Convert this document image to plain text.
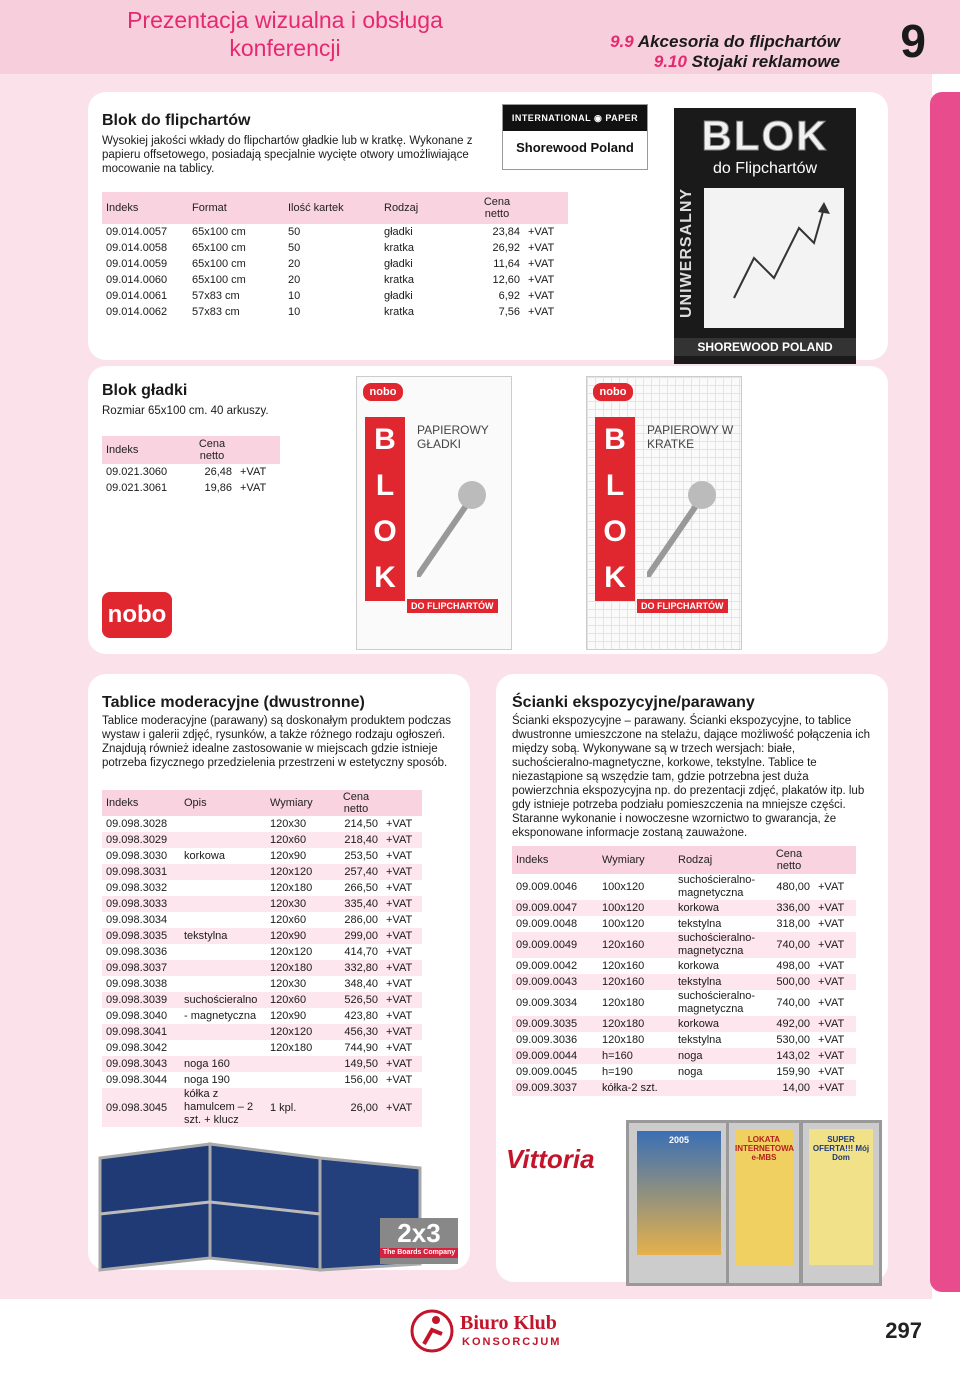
Prezentacja wizualna i obsługa konferencji	9.9 Akcesoria do flipchartów
9.10 Stojaki reklamowe 9
Blok do flipchartów
Wysokiej jakości wkłady do flipchartów gładkie lub w kratkę. Wykonane z papieru offsetowego, posiadają specjalnie wycięte otwory umożliwiające mocowanie na tablicy.
INTERNATIONAL ◉ PAPER
Shorewood Poland
Indeks	Format	Ilość kartek	Rodzaj	Cena netto	
09.014.0057	65x100 cm	50	gładki	23,84	+VAT
09.014.0058	65x100 cm	50	kratka	26,92	+VAT
09.014.0059	65x100 cm	20	gładki	11,64	+VAT
09.014.0060	65x100 cm	20	kratka	12,60	+VAT
09.014.0061	57x83 cm	10	gładki	6,92	+VAT
09.014.0062	57x83 cm	10	kratka	7,56	+VAT
BLOK
do Flipchartów
UNIWERSALNY
SHOREWOOD POLAND
Blok gładki
Rozmiar 65x100 cm. 40 arkuszy.
Indeks	Cena netto	
09.021.3060	26,48	+VAT
09.021.3061	19,86	+VAT
nobo
nobo
PAPIEROWY GŁADKI
B
L
O
K
DO FLIPCHARTÓW
nobo
PAPIEROWY W KRATKE
B
L
O
K
DO FLIPCHARTÓW
Tablice moderacyjne (dwustronne)
Tablice moderacyjne (parawany) są doskonałym produktem podczas wystaw i galerii zdjęć, rysunków, a także różnego rodzaju ogłoszeń. Znajdują również idealne zastosowanie w miejscach gdzie istnieje potrzeba fizycznego przedzielenia przestrzeni w estetyczny sposób.
Indeks	Opis	Wymiary	Cena netto	
09.098.3028		120x30	214,50	+VAT
09.098.3029		120x60	218,40	+VAT
09.098.3030	korkowa	120x90	253,50	+VAT
09.098.3031		120x120	257,40	+VAT
09.098.3032		120x180	266,50	+VAT
09.098.3033		120x30	335,40	+VAT
09.098.3034		120x60	286,00	+VAT
09.098.3035	tekstylna	120x90	299,00	+VAT
09.098.3036		120x120	414,70	+VAT
09.098.3037		120x180	332,80	+VAT
09.098.3038		120x30	348,40	+VAT
09.098.3039	suchościeralno	120x60	526,50	+VAT
09.098.3040	- magnetyczna	120x90	423,80	+VAT
09.098.3041		120x120	456,30	+VAT
09.098.3042		120x180	744,90	+VAT
09.098.3043	noga 160		149,50	+VAT
09.098.3044	noga 190		156,00	+VAT
09.098.3045	kółka z hamulcem – 2 szt. + klucz	1 kpl.	26,00	+VAT
2x3
The Boards Company
Ścianki ekspozycyjne/parawany
Ścianki ekspozycyjne – parawany. Ścianki ekspozycyjne, to tablice dwustronne umieszczone na stelażu, dające możliwość połączenia ich między sobą. Wykonywane są w trzech wersjach: białe, suchościeralno-magnetyczne, korkowe, tekstylne. Tablice te niezastąpione są wszędzie tam, gdzie potrzebna jest duża powierzchnia ekspozycyjna np. do prezentacji zdjęć, plakatów itp. lub gdy istnieje potrzeba podziału pomieszczenia na mniejsze części. Staranne wykonanie i nowoczesne wzornictwo to gwarancja, że eksponowane informacje zostaną zauważone.
Indeks	Wymiary	Rodzaj	Cena netto	
09.009.0046	100x120	suchościeralno-magnetyczna	480,00	+VAT
09.009.0047	100x120	korkowa	336,00	+VAT
09.009.0048	100x120	tekstylna	318,00	+VAT
09.009.0049	120x160	suchościeralno-magnetyczna	740,00	+VAT
09.009.0042	120x160	korkowa	498,00	+VAT
09.009.0043	120x160	tekstylna	500,00	+VAT
09.009.3034	120x180	suchościeralno-magnetyczna	740,00	+VAT
09.009.3035	120x180	korkowa	492,00	+VAT
09.009.3036	120x180	tekstylna	530,00	+VAT
09.009.0044	h=160	noga	143,02	+VAT
09.009.0045	h=190	noga	159,90	+VAT
09.009.3037	kółka-2 szt.		14,00	+VAT
Vittoria
2005	LOKATA INTERNETOWA e-MBS
SUPER OFERTA!!! Mój Dom
Biuro Klub
KONSORCJUM	297
